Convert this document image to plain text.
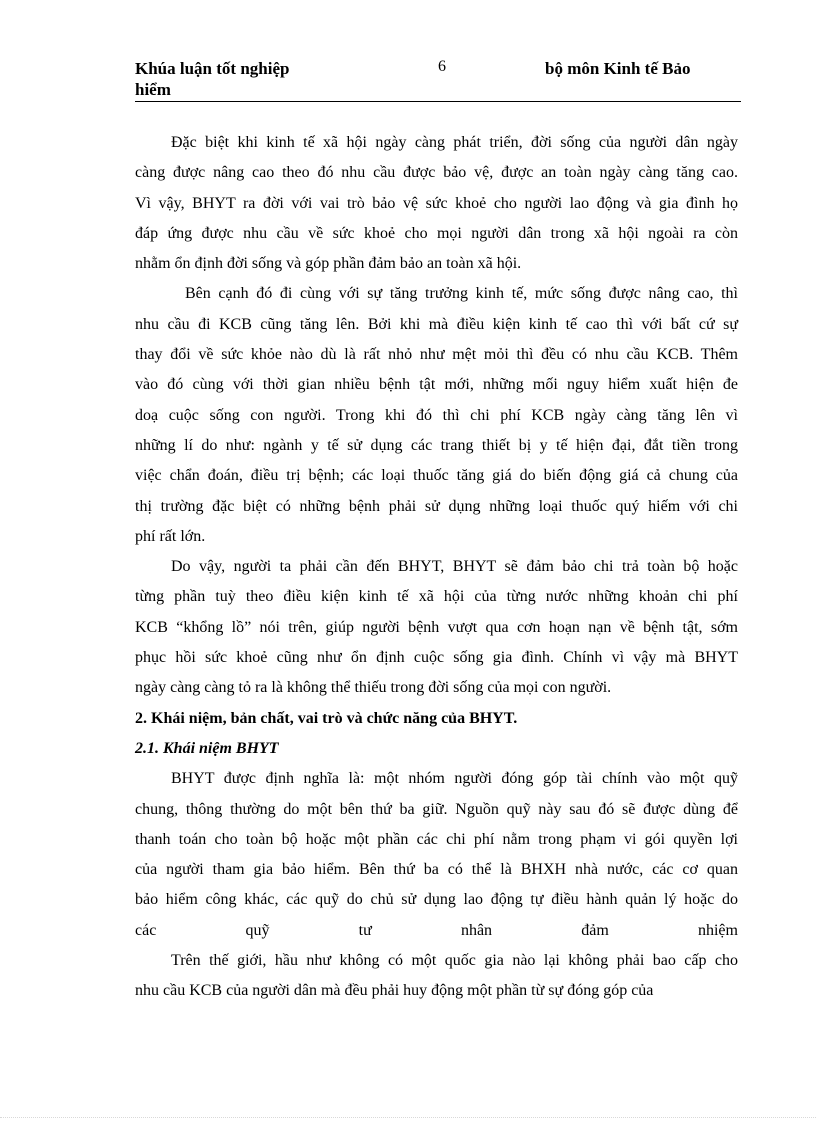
Khúa luận tốt nghiệp
hiểm
6	bộ môn Kinh tế Bảo
Đặc biệt khi kinh tế xã hội ngày càng phát triển, đời sống của người dân ngày
càng được nâng cao theo đó nhu cầu được bảo vệ, được an toàn ngày càng tăng cao.
Vì vậy, BHYT ra đời với vai trò bảo vệ sức khoẻ cho người lao động và gia đình họ
đáp ứng được nhu cầu về sức khoẻ cho mọi người dân trong xã hội ngoài ra còn
nhằm ổn định đời sống và góp phần đảm bảo an toàn xã hội.
Bên cạnh đó đi cùng với sự tăng trưởng kinh tế, mức sống được nâng cao, thì
nhu cầu đi KCB cũng tăng lên. Bởi khi mà điều kiện kinh tế cao thì với bất cứ sự
thay đổi về sức khỏe nào dù là rất nhỏ như mệt mỏi thì đều có nhu cầu KCB. Thêm
vào đó cùng với thời gian nhiều bệnh tật mới, những mối nguy hiểm xuất hiện đe
doạ cuộc sống con người. Trong khi đó thì chi phí KCB ngày càng tăng lên vì
những lí do như: ngành y tế sử dụng các trang thiết bị y tế hiện đại, đắt tiền trong
việc chẩn đoán, điều trị bệnh; các loại thuốc tăng giá do biến động giá cả chung của
thị trường đặc biệt có những bệnh phải sử dụng những loại thuốc quý hiếm với chi
phí rất lớn.
Do vậy, người ta phải cần đến BHYT, BHYT sẽ đảm bảo chi trả toàn bộ hoặc
từng phần tuỳ theo điều kiện kinh tế xã hội của từng nước những khoản chi phí
KCB “khổng lồ” nói trên, giúp người bệnh vượt qua cơn hoạn nạn về bệnh tật, sớm
phục hồi sức khoẻ cũng như ổn định cuộc sống gia đình. Chính vì vậy mà BHYT
ngày càng càng tỏ ra là không thể thiếu trong đời sống của mọi con người.
2. Khái niệm, bản chất, vai trò và chức năng của BHYT.
2.1. Khái niệm BHYT
BHYT được định nghĩa là: một nhóm người đóng góp tài chính vào một quỹ
chung, thông thường do một bên thứ ba giữ. Nguồn quỹ này sau đó sẽ được dùng để
thanh toán cho toàn bộ hoặc một phần các chi phí nằm trong phạm vi gói quyền lợi
của người tham gia bảo hiểm. Bên thứ ba có thể là BHXH nhà nước, các cơ quan
bảo hiểm công khác, các quỹ do chủ sử dụng lao động tự điều hành quản lý hoặc do
các	quỹ	tư	nhân	đảm	nhiệm
Trên thế giới, hầu như không có một quốc gia nào lại không phải bao cấp cho
nhu cầu KCB của người dân mà đều phải huy động một phần từ sự đóng góp của
